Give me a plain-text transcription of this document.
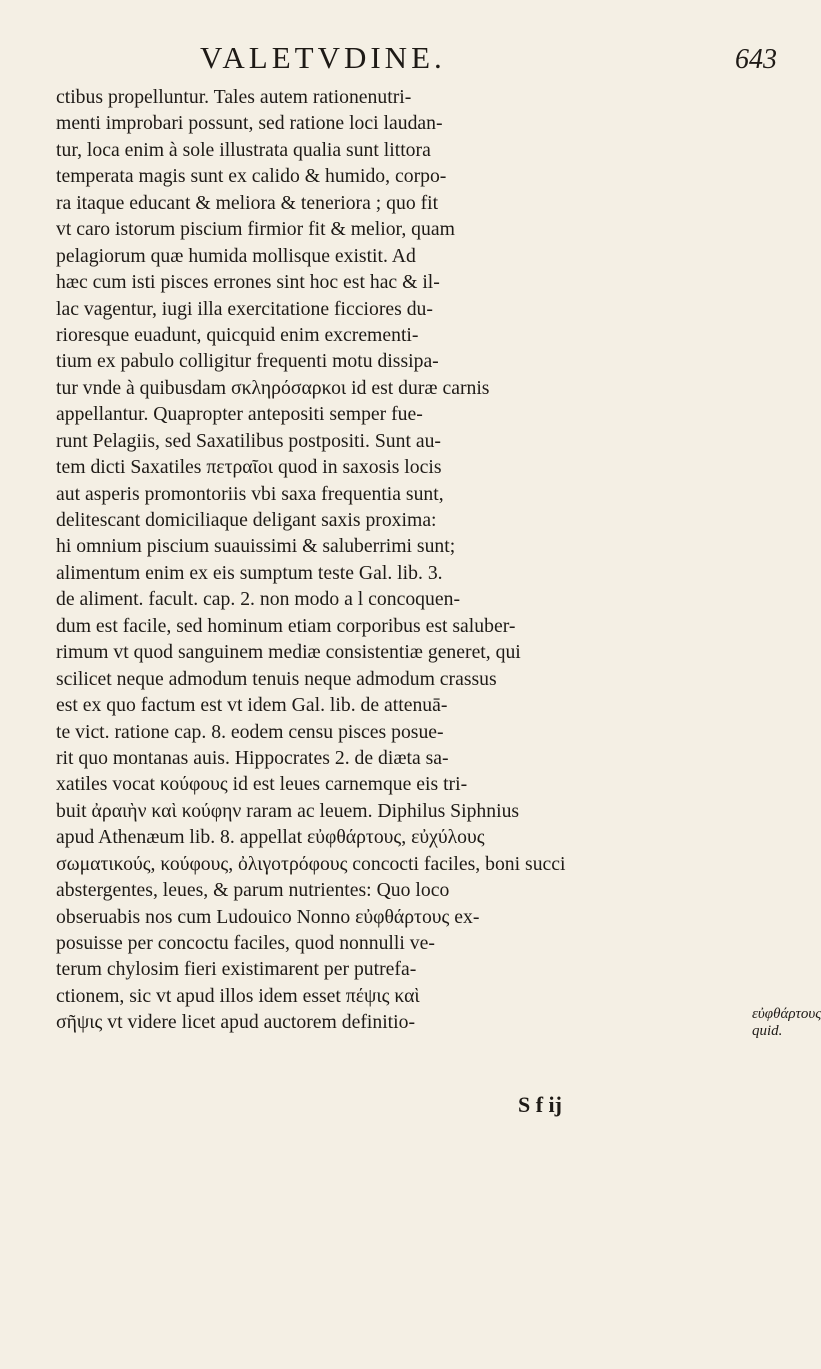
VALETVDINE.	643
ctibus propelluntur. Tales autem rationenutri-
menti improbari possunt, sed ratione loci laudan-
tur, loca enim à sole illustrata qualia sunt littora
temperata magis sunt ex calido & humido, corpo-
ra itaque educant & meliora & teneriora ; quo fit
vt caro istorum piscium firmior fit & melior, quam
pelagiorum quæ humida mollisque existit. Ad
hæc cum isti pisces errones sint hoc est hac & il-
lac vagentur, iugi illa exercitatione ficciores du-
rioresque euadunt, quicquid enim excrementi-
tium ex pabulo colligitur frequenti motu dissipa-
tur vnde à quibusdam σκληρόσαρκοι id est duræ carnis
appellantur. Quapropter antepositi semper fue-
runt Pelagiis, sed Saxatilibus postpositi. Sunt au-
tem dicti Saxatiles πετραῖοι quod in saxosis locis
aut asperis promontoriis vbi saxa frequentia sunt,
delitescant domiciliaque deligant saxis proxima:
hi omnium piscium suauissimi & saluberrimi sunt;
alimentum enim ex eis sumptum teste Gal. lib. 3.
de aliment. facult. cap. 2. non modo a l concoquen-
dum est facile, sed hominum etiam corporibus est saluber-
rimum vt quod sanguinem mediæ consistentiæ generet, qui
scilicet neque admodum tenuis neque admodum crassus
est ex quo factum est vt idem Gal. lib. de attenuā-
te vict. ratione cap. 8. eodem censu pisces posue-
rit quo montanas auis. Hippocrates 2. de diæta sa-
xatiles vocat κούφους id est leues carnemque eis tri-
buit ἀραιὴν καὶ κούφην raram ac leuem. Diphilus Siphnius
apud Athenæum lib. 8. appellat εὐφθάρτους, εὐχύλους
σωματικούς, κούφους, ὀλιγοτρόφους concocti faciles, boni succi
abstergentes, leues, & parum nutrientes: Quo loco
obseruabis nos cum Ludouico Nonno εὐφθάρτους ex-
posuisse per concoctu faciles, quod nonnulli ve-
terum chylosim fieri existimarent per putrefa-
ctionem, sic vt apud illos idem esset πέψις καὶ
σῆψις vt videre licet apud auctorem definitio-	εὐφθάρτους
quid.
S f ij
